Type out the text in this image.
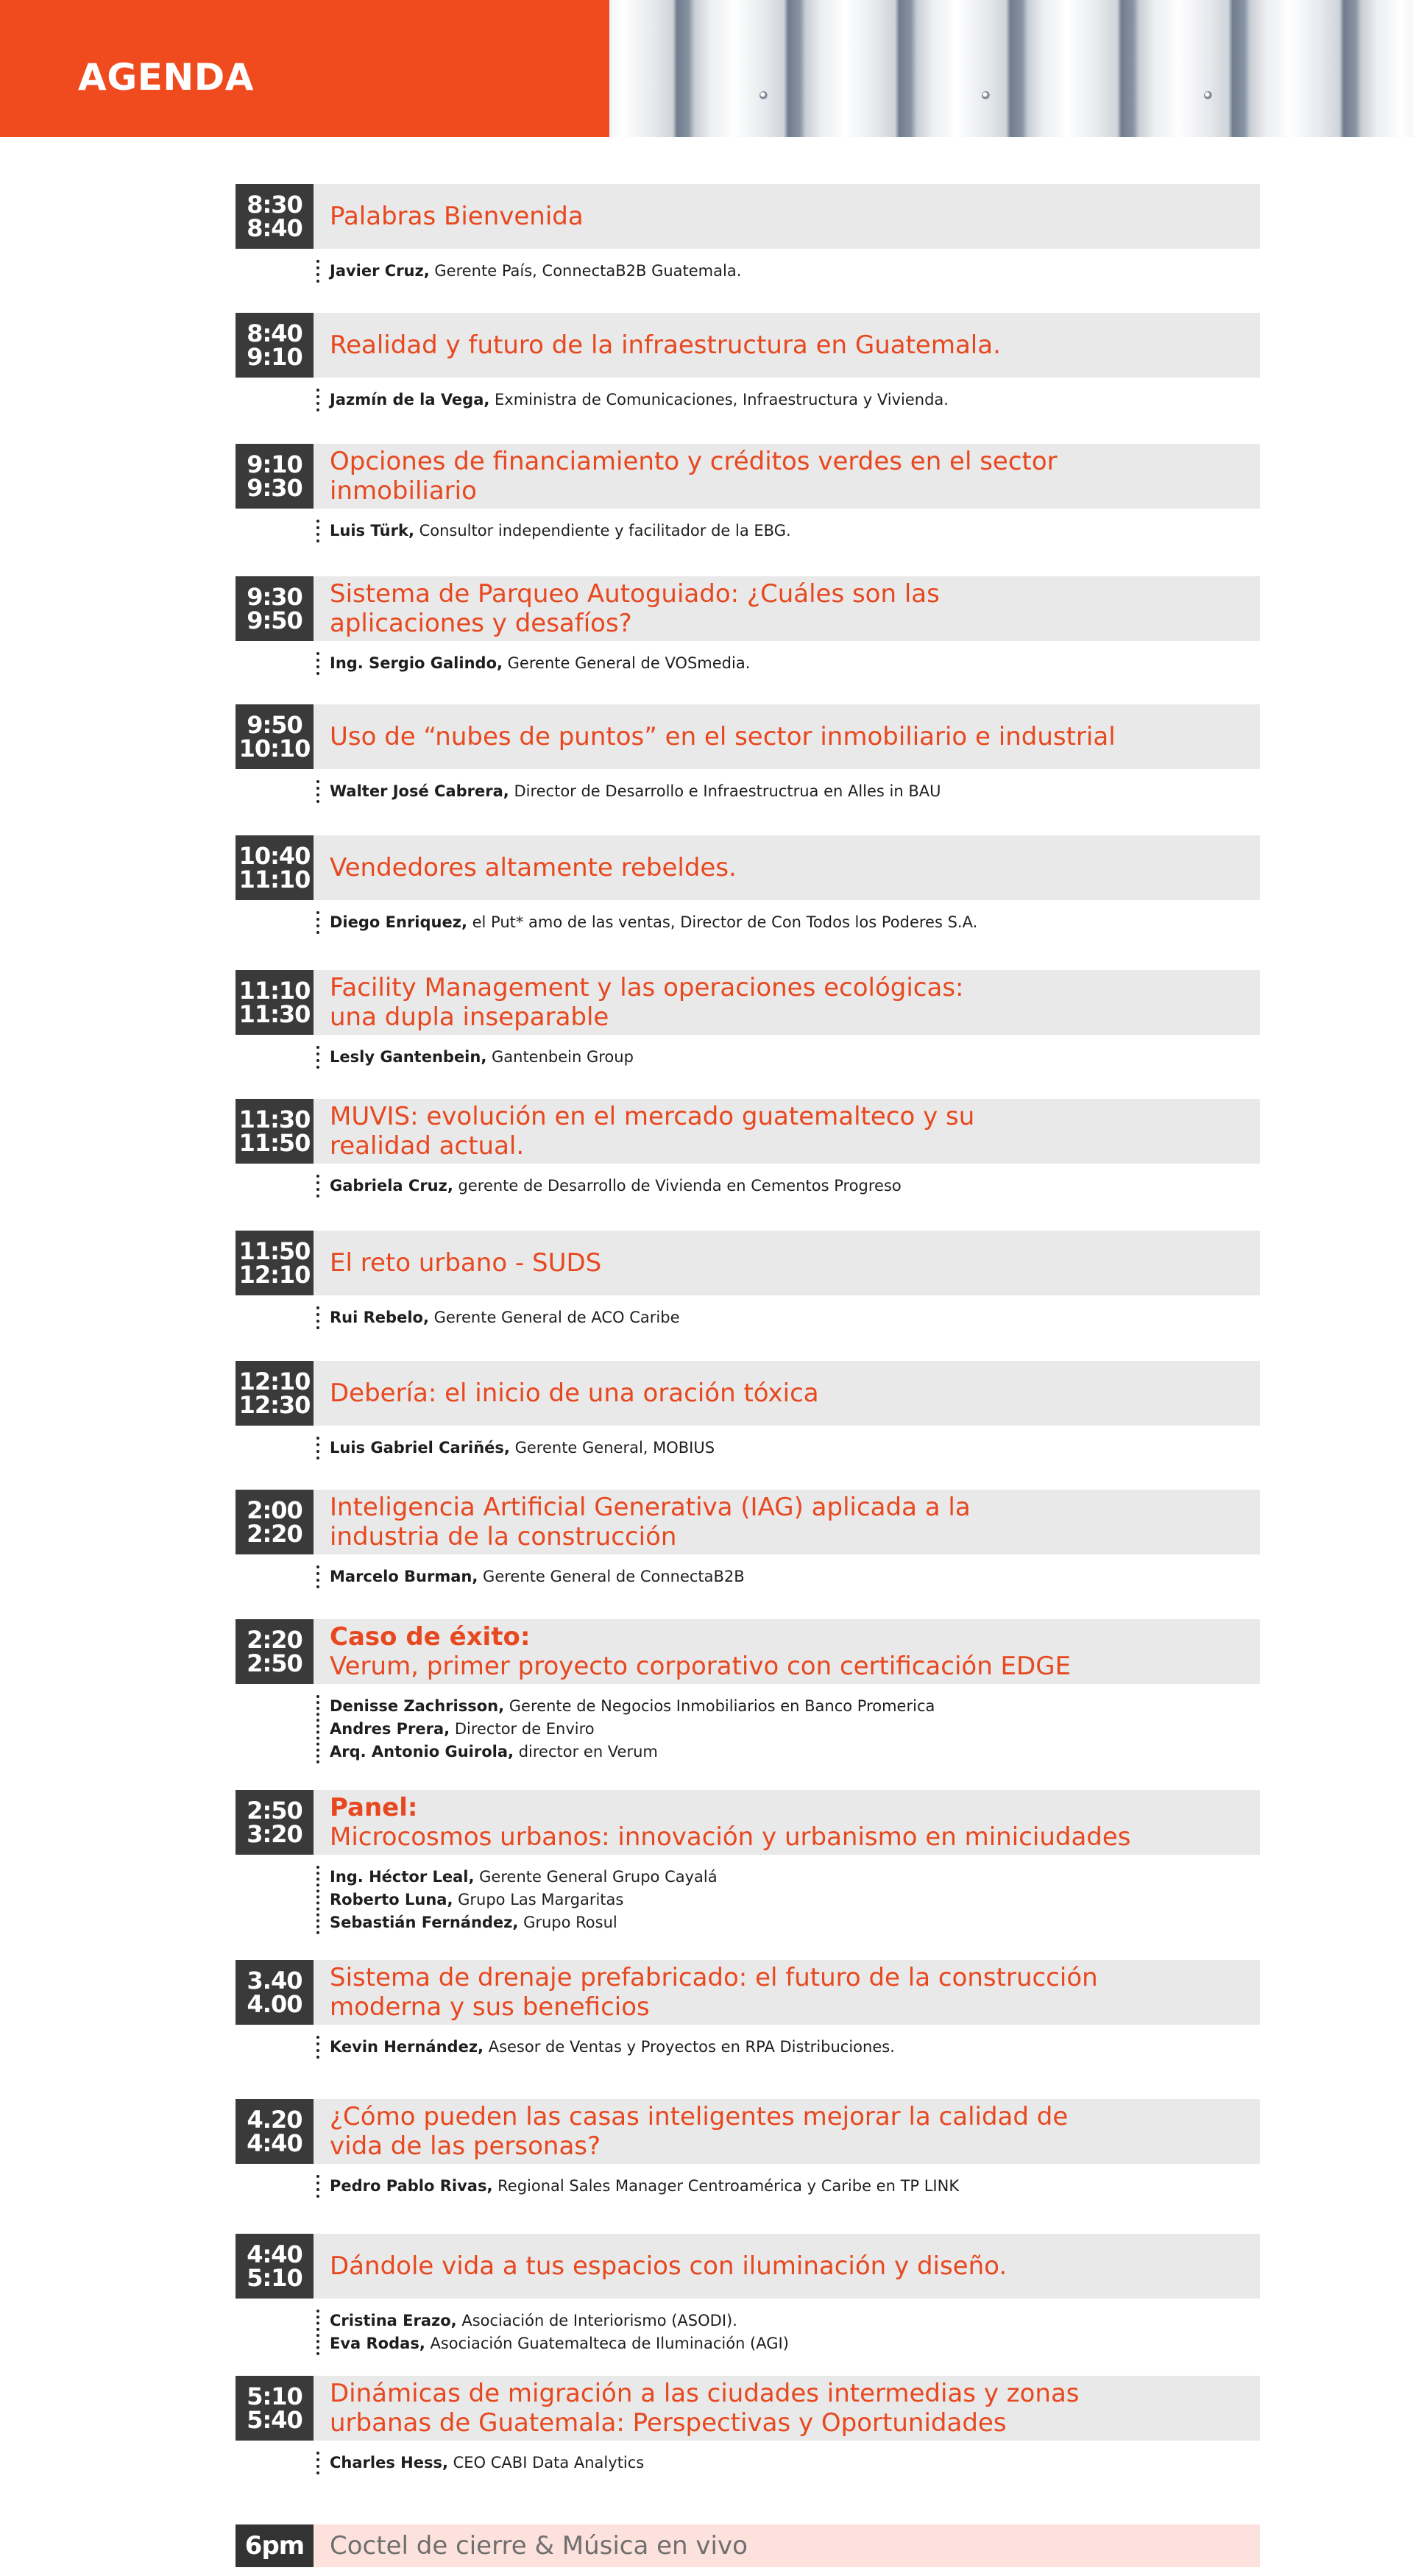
AGENDA
8:30
8:40 Palabras Bienvenida
Javier Cruz, Gerente País, ConnectaB2B Guatemala.
8:40
9:10 Realidad y futuro de la infraestructura en Guatemala.
Jazmín de la Vega, Exministra de Comunicaciones, Infraestructura y Vivienda.
9:10
9:30
Opciones de financiamiento y créditos verdes en el sector
inmobiliario
Luis Türk, Consultor independiente y facilitador de la EBG.
9:30
9:50
Sistema de Parqueo Autoguiado: ¿Cuáles son las
aplicaciones y desafíos?
Ing. Sergio Galindo, Gerente General de VOSmedia.
9:50
10:10 Uso de “nubes de puntos” en el sector inmobiliario e industrial
Walter José Cabrera, Director de Desarrollo e Infraestructrua en Alles in BAU
10:40
11:10 Vendedores altamente rebeldes.
Diego Enriquez, el Put* amo de las ventas, Director de Con Todos los Poderes S.A.
11:10
11:30
Facility Management y las operaciones ecológicas:
una dupla inseparable
Lesly Gantenbein, Gantenbein Group
11:30
11:50
MUVIS: evolución en el mercado guatemalteco y su
realidad actual.
Gabriela Cruz, gerente de Desarrollo de Vivienda en Cementos Progreso
11:50
12:10 El reto urbano - SUDS
Rui Rebelo, Gerente General de ACO Caribe
12:10
12:30 Debería: el inicio de una oración tóxica
Luis Gabriel Cariñés, Gerente General, MOBIUS
2:00
2:20
Inteligencia Artificial Generativa (IAG) aplicada a la
industria de la construcción
Marcelo Burman, Gerente General de ConnectaB2B
2:20
2:50
Caso de éxito:
Verum, primer proyecto corporativo con certificación EDGE
Denisse Zachrisson, Gerente de Negocios Inmobiliarios en Banco Promerica
Andres Prera, Director de Enviro
Arq. Antonio Guirola, director en Verum
2:50
3:20
Panel:
Microcosmos urbanos: innovación y urbanismo en miniciudades
Ing. Héctor Leal, Gerente General Grupo Cayalá
Roberto Luna, Grupo Las Margaritas
Sebastián Fernández, Grupo Rosul
3.40
4.00
Sistema de drenaje prefabricado: el futuro de la construcción
moderna y sus beneficios
Kevin Hernández, Asesor de Ventas y Proyectos en RPA Distribuciones.
4.20
4:40
¿Cómo pueden las casas inteligentes mejorar la calidad de
vida de las personas?
Pedro Pablo Rivas, Regional Sales Manager Centroamérica y Caribe en TP LINK
4:40
5:10 Dándole vida a tus espacios con iluminación y diseño.
Cristina Erazo, Asociación de Interiorismo (ASODI).
Eva Rodas, Asociación Guatemalteca de Iluminación (AGI)
5:10
5:40
Dinámicas de migración a las ciudades intermedias y zonas
urbanas de Guatemala: Perspectivas y Oportunidades
Charles Hess, CEO CABI Data Analytics
6pm	Coctel de cierre & Música en vivo
